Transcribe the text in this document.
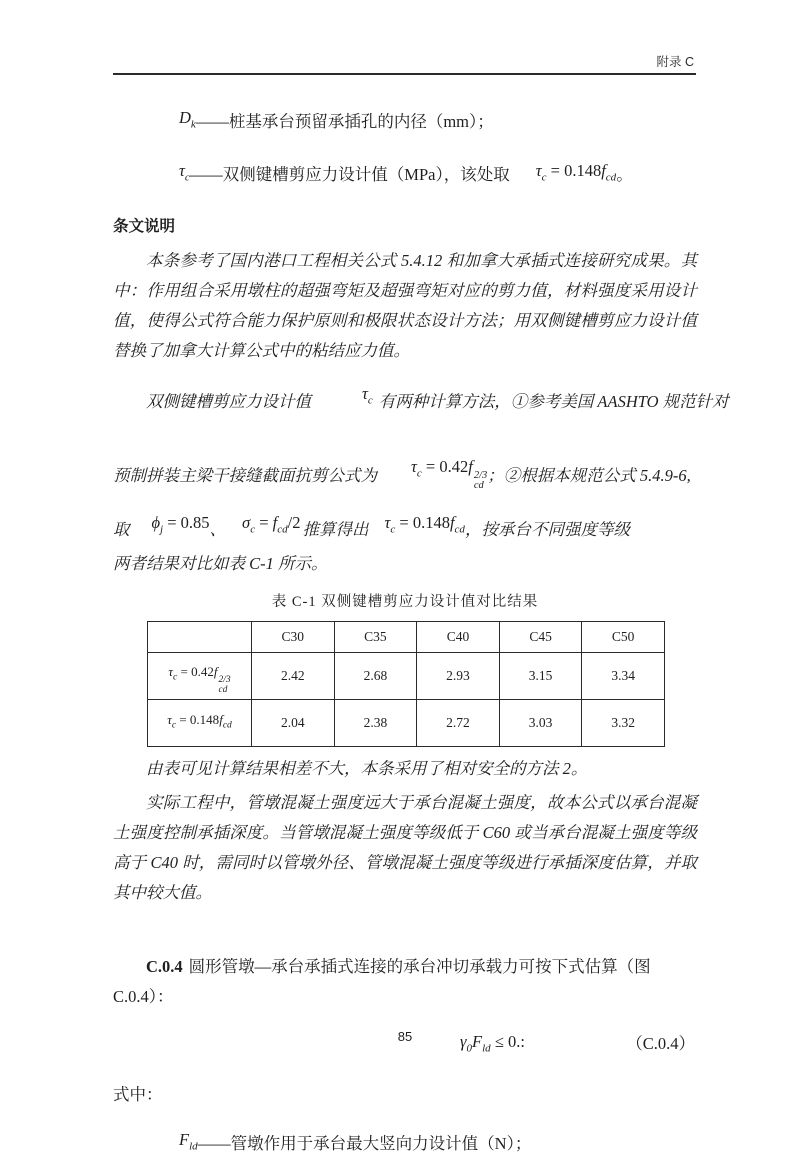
附录 C

$D_k——$桩基承台预留承插孔的内径（mm）；

$\tau_c——$双侧键槽剪应力设计值（MPa），该处取 $\tau_c = 0.148f_{cd}$。

条文说明

本条参考了国内港口工程相关公式 5.4.12 和加拿大承插式连接研究成果。其中：作用组合采用墩柱的超强弯矩及超强弯矩对应的剪力值，材料强度采用设计值，使得公式符合能力保护原则和极限状态设计方法；用双侧键槽剪应力设计值替换了加拿大计算公式中的粘结应力值。

双侧键槽剪应力设计值	$\tau_c$ 有两种计算方法，①参考美国 AASHTO 规范针对
预制拼装主梁干接缝截面抗剪公式为 $\tau_c = 0.42f$ 2/3
cd
；②根据本规范公式 5.4.9-6,
取 $\phi_j = 0.85$ 、 $\sigma_c = f_{cd}/2$ 推算得出 $\tau_c = 0.148f_{cd}$ ，按承台不同强度等级
两者结果对比如表 C-1 所示。
表 C-1 双侧键槽剪应力设计值对比结果
	C30	C35	C40	C45	C50
$\tau_c = 0.42f$
2/3
cd	2.42	2.68	2.93	3.15	3.34
$\tau_c = 0.148f_{cd}$	2.04	2.38	2.72	3.03	3.32

由表可见计算结果相差不大，本条采用了相对安全的方法 2。

实际工程中，管墩混凝土强度远大于承台混凝土强度，故本公式以承台混凝土强度控制承插深度。当管墩混凝土强度等级低于 C60 或当承台混凝土强度等级高于 C40 时，需同时以管墩外径、管墩混凝土强度等级进行承插深度估算，并取其中较大值。

C.0.4 圆形管墩—承台承插式连接的承台冲切承载力可按下式估算（图 C.0.4）：

$\gamma_0F_{ld} \le 0$.:	（C.0.4）

式中：

$F_{ld}——$管墩作用于承台最大竖向力设计值（N）；

85
